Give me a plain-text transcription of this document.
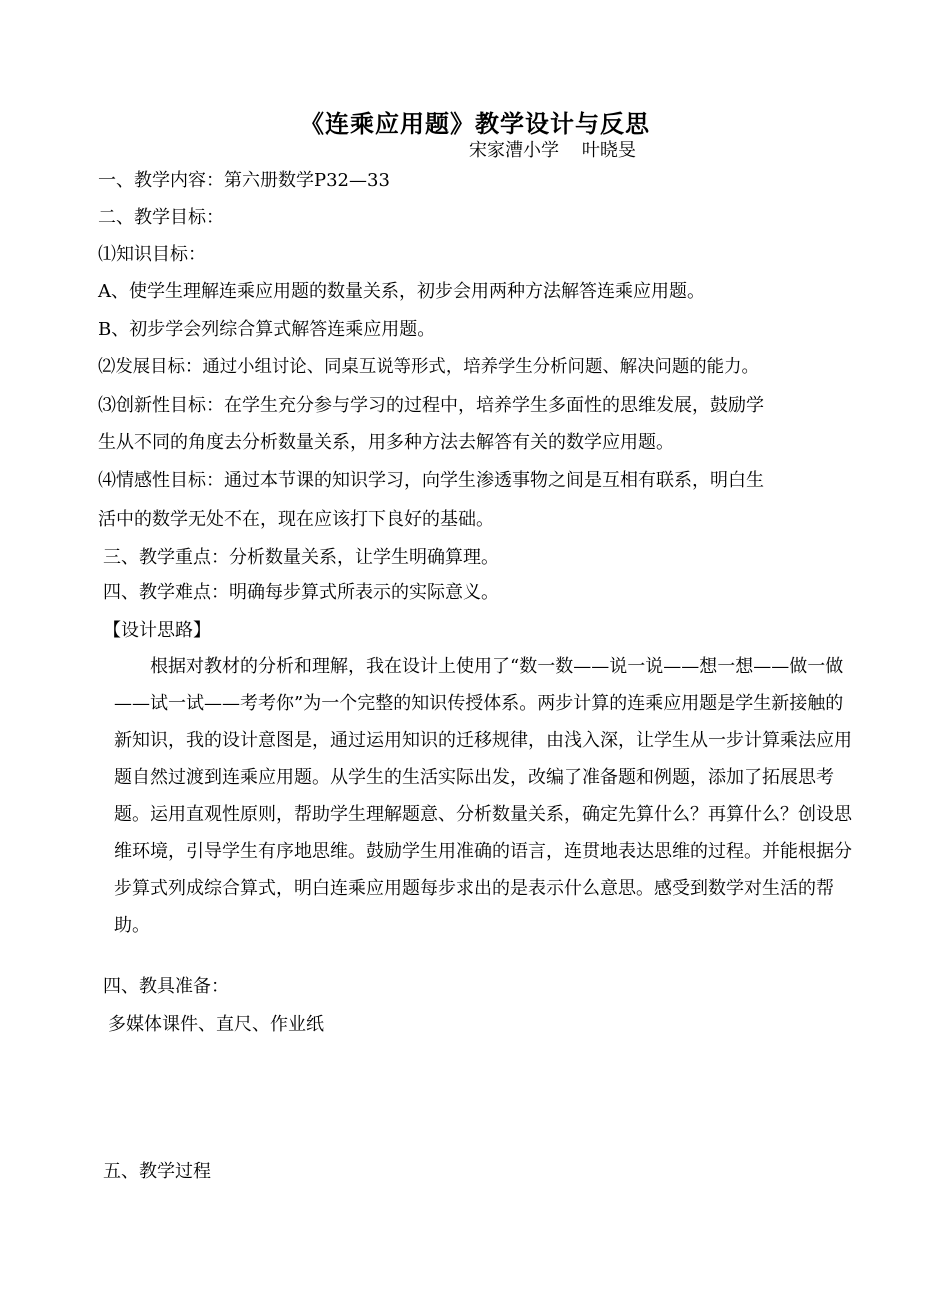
《连乘应用题》教学设计与反思
宋家漕小学    叶晓旻
一、教学内容：第六册数学P32—33
二、教学目标：
⑴知识目标：
A、使学生理解连乘应用题的数量关系，初步会用两种方法解答连乘应用题。
B、初步学会列综合算式解答连乘应用题。
⑵发展目标：通过小组讨论、同桌互说等形式，培养学生分析问题、解决问题的能力。
⑶创新性目标：在学生充分参与学习的过程中，培养学生多面性的思维发展，鼓励学
生从不同的角度去分析数量关系，用多种方法去解答有关的数学应用题。
⑷情感性目标：通过本节课的知识学习，向学生渗透事物之间是互相有联系，明白生
活中的数学无处不在，现在应该打下良好的基础。
三、教学重点：分析数量关系，让学生明确算理。
四、教学难点：明确每步算式所表示的实际意义。
【设计思路】
根据对教材的分析和理解，我在设计上使用了“数一数——说一说——想一想——做一做——试一试——考考你”为一个完整的知识传授体系。两步计算的连乘应用题是学生新接触的新知识，我的设计意图是，通过运用知识的迁移规律，由浅入深，让学生从一步计算乘法应用题自然过渡到连乘应用题。从学生的生活实际出发，改编了准备题和例题，添加了拓展思考题。运用直观性原则，帮助学生理解题意、分析数量关系，确定先算什么？再算什么？创设思维环境，引导学生有序地思维。鼓励学生用准确的语言，连贯地表达思维的过程。并能根据分步算式列成综合算式，明白连乘应用题每步求出的是表示什么意思。感受到数学对生活的帮助。
四、教具准备：
多媒体课件、直尺、作业纸
五、教学过程
